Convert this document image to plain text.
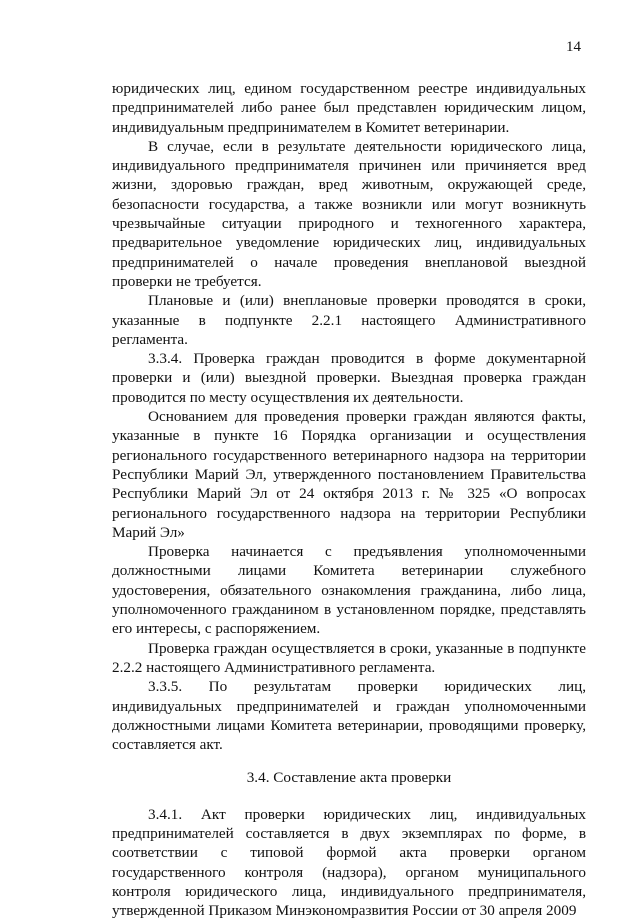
14

юридических лиц, едином государственном реестре индивидуальных предпринимателей либо ранее был представлен юридическим лицом, индивидуальным предпринимателем в Комитет ветеринарии.

В случае, если в результате деятельности юридического лица, индивидуального предпринимателя причинен или причиняется вред жизни, здоровью граждан, вред животным, окружающей среде, безопасности государства, а также возникли или могут возникнуть чрезвычайные ситуации природного и техногенного характера, предварительное уведомление юридических лиц, индивидуальных предпринимателей о начале проведения внеплановой выездной проверки не требуется.

Плановые и (или) внеплановые проверки проводятся в сроки, указанные в подпункте 2.2.1 настоящего Административного регламента.

3.3.4. Проверка граждан проводится в форме документарной проверки и (или) выездной проверки. Выездная проверка граждан проводится по месту осуществления их деятельности.

Основанием для проведения проверки граждан являются факты, указанные в пункте 16 Порядка организации и осуществления регионального государственного ветеринарного надзора на территории Республики Марий Эл, утвержденного постановлением Правительства Республики Марий Эл от 24 октября 2013 г. № 325 «О вопросах регионального государственного надзора на территории Республики Марий Эл»

Проверка начинается с предъявления уполномоченными должностными лицами Комитета ветеринарии служебного удостоверения, обязательного ознакомления гражданина, либо лица, уполномоченного гражданином в установленном порядке, представлять его интересы, с распоряжением.

Проверка граждан осуществляется в сроки, указанные в подпункте 2.2.2 настоящего Административного регламента.

3.3.5. По результатам проверки юридических лиц, индивидуальных предпринимателей и граждан уполномоченными должностными лицами Комитета ветеринарии, проводящими проверку, составляется акт.

3.4. Составление акта проверки

3.4.1. Акт проверки юридических лиц, индивидуальных предпринимателей составляется в двух экземплярах по форме, в соответствии с типовой формой акта проверки органом государственного контроля (надзора), органом муниципального контроля юридического лица, индивидуального предпринимателя, утвержденной Приказом Минэкономразвития России от 30 апреля 2009
